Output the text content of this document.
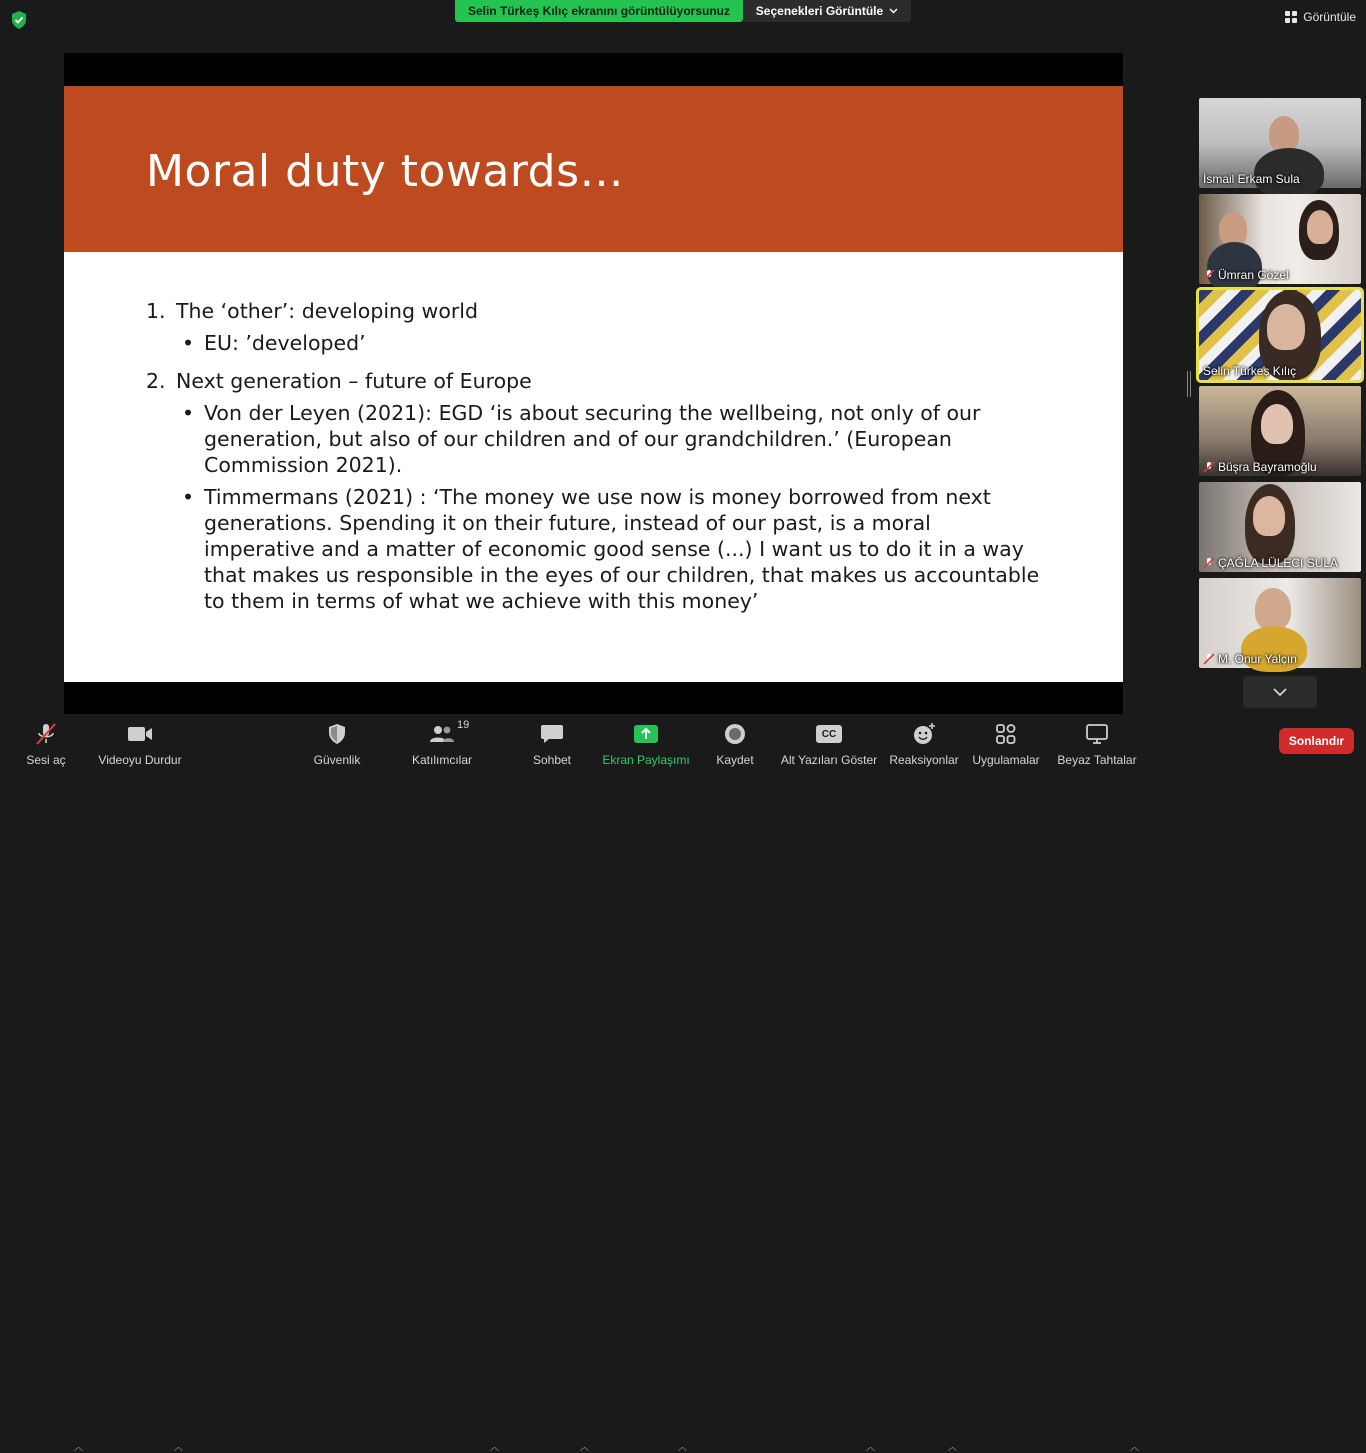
Selin Türkeş Kılıç ekranını görüntülüyorsunuz	Seçenekleri Görüntüle	Görüntüle
Moral duty towards…
1. The ‘other’: developing world
• EU: ’developed’
2. Next generation – future of Europe
• Von der Leyen (2021): EGD ‘is about securing the wellbeing, not only of our generation, but also of our children and of our grandchildren.’ (European Commission 2021).
• Timmermans (2021) : ‘The money we use now is money borrowed from next generations. Spending it on their future, instead of our past, is a moral imperative and a matter of economic good sense (...) I want us to do it in a way that makes us responsible in the eyes of our children, that makes us accountable to them in terms of what we achieve with this money’
İsmail Erkam Sula
Ümran Gözel
Selin Türkeş Kılıç
Büşra Bayramoğlu
ÇAĞLA LÜLECI SULA
M. Onur Yalçın
Sesi aç
︿
Videoyu Durdur
︿
Güvenlik
19
Katılımcılar
︿
Sohbet
︿
Ekran Paylaşımı
︿
Kaydet
CC
Alt Yazıları Göster
︿
Reaksiyonlar
︿
Uygulamalar Beyaz Tahtalar
︿
Sonlandır
